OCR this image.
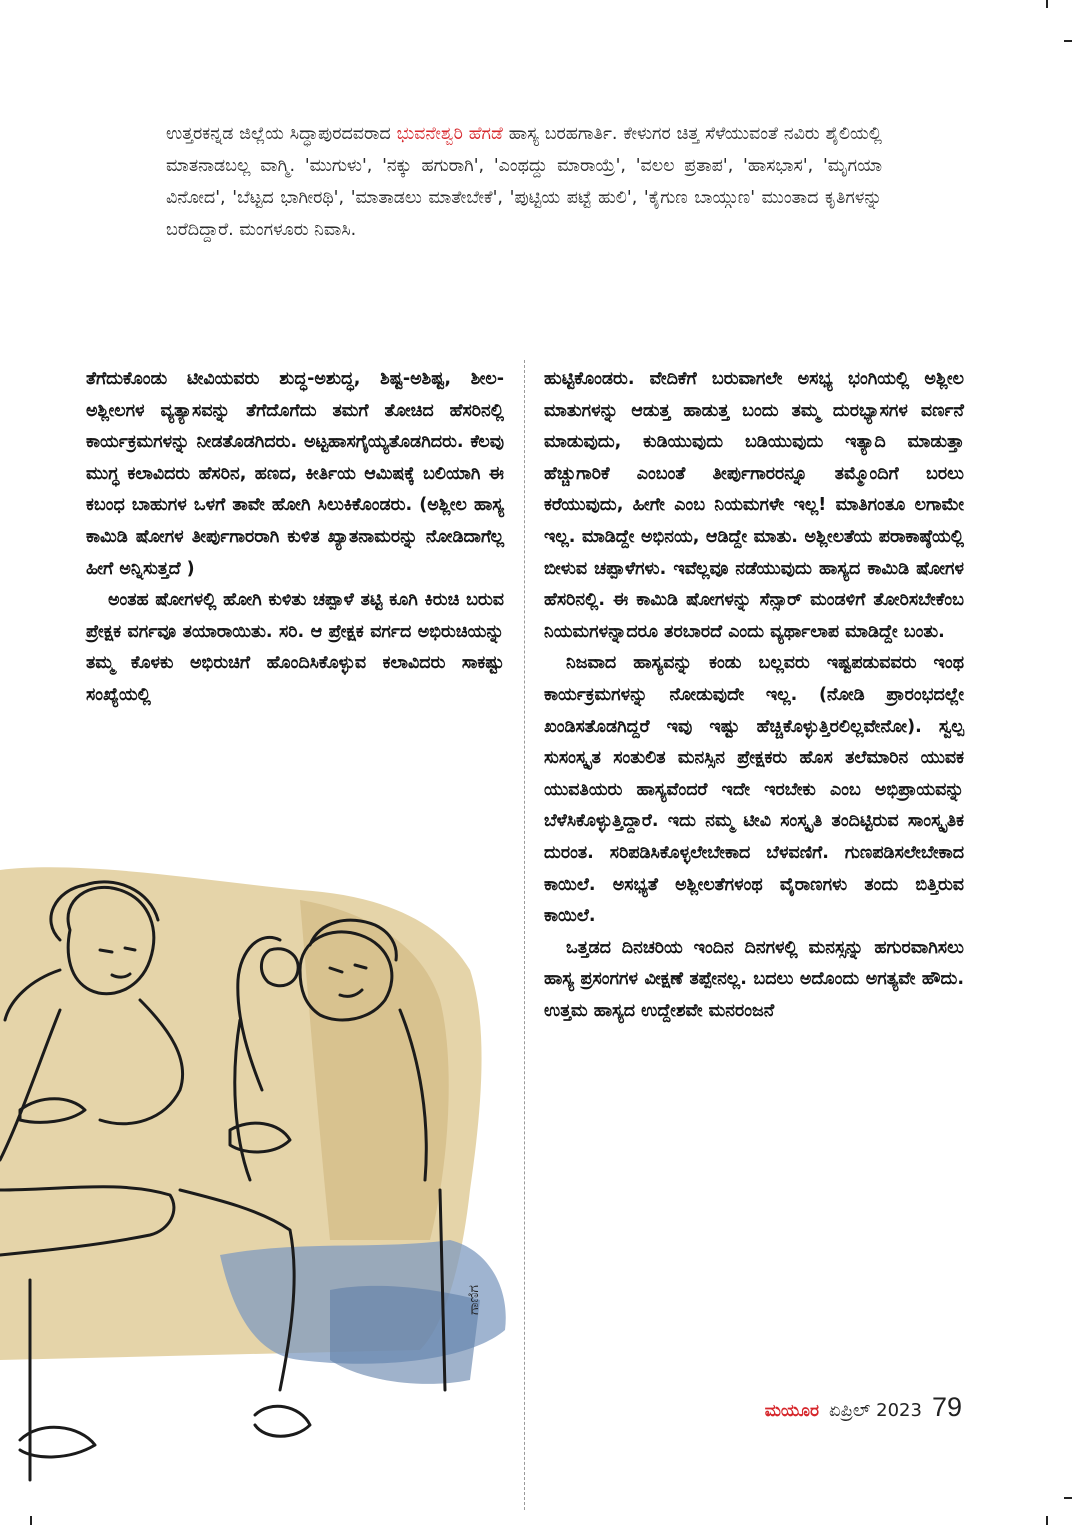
ಉತ್ತರಕನ್ನಡ ಜಿಲ್ಲೆಯ ಸಿದ್ಧಾಪುರದವರಾದ ಭುವನೇಶ್ವರಿ ಹೆಗಡೆ ಹಾಸ್ಯ ಬರಹಗಾರ್ತಿ. ಕೇಳುಗರ ಚಿತ್ತ ಸೆಳೆಯುವಂತೆ ನವಿರು ಶೈಲಿಯಲ್ಲಿ ಮಾತನಾಡಬಲ್ಲ ವಾಗ್ಮಿ. 'ಮುಗುಳು', 'ನಕ್ಕು ಹಗುರಾಗಿ', 'ಎಂಥದ್ದು ಮಾರಾಯ್ರೆ', 'ವಲಲ ಪ್ರತಾಪ', 'ಹಾಸಭಾಸ', 'ಮೃಗಯಾ ವಿನೋದ', 'ಬೆಟ್ಟದ ಭಾಗೀರಥಿ', 'ಮಾತಾಡಲು ಮಾತೇಬೇಕೆ', 'ಪುಟ್ಟಿಯ ಪಟ್ಟೆ ಹುಲಿ', 'ಕೈಗುಣ ಬಾಯ್ಗುಣ' ಮುಂತಾದ ಕೃತಿಗಳನ್ನು ಬರೆದಿದ್ದಾರೆ. ಮಂಗಳೂರು ನಿವಾಸಿ.
ಗಾಣಿಗ

ತೆಗೆದುಕೊಂಡು ಟೀವಿಯವರು ಶುದ್ಧ-ಅಶುದ್ಧ, ಶಿಷ್ಟ-ಅಶಿಷ್ಟ, ಶೀಲ-ಅಶ್ಲೀಲಗಳ ವ್ಯತ್ಯಾಸವನ್ನು ತೆಗೆದೊಗೆದು ತಮಗೆ ತೋಚಿದ ಹೆಸರಿನಲ್ಲಿ ಕಾರ್ಯಕ್ರಮಗಳನ್ನು ನೀಡತೊಡಗಿದರು. ಅಟ್ಟಹಾಸಗೈಯ್ಯತೊಡಗಿದರು. ಕೆಲವು ಮುಗ್ಧ ಕಲಾವಿದರು ಹೆಸರಿನ, ಹಣದ, ಕೀರ್ತಿಯ ಆಮಿಷಕ್ಕೆ ಬಲಿಯಾಗಿ ಈ ಕಬಂಧ ಬಾಹುಗಳ ಒಳಗೆ ತಾವೇ ಹೋಗಿ ಸಿಲುಕಿಕೊಂಡರು. (ಅಶ್ಲೀಲ ಹಾಸ್ಯ ಕಾಮಿಡಿ ಷೋಗಳ ತೀರ್ಪುಗಾರರಾಗಿ ಕುಳಿತ ಖ್ಯಾತನಾಮರನ್ನು ನೋಡಿದಾಗೆಲ್ಲ ಹೀಗೆ ಅನ್ನಿಸುತ್ತದೆ )

ಅಂತಹ ಷೋಗಳಲ್ಲಿ ಹೋಗಿ ಕುಳಿತು ಚಪ್ಪಾಳೆ ತಟ್ಟಿ ಕೂಗಿ ಕಿರುಚಿ ಬರುವ ಪ್ರೇಕ್ಷಕ ವರ್ಗವೂ ತಯಾರಾಯಿತು. ಸರಿ. ಆ ಪ್ರೇಕ್ಷಕ ವರ್ಗದ ಅಭಿರುಚಿಯನ್ನು ತಮ್ಮ ಕೊಳಕು ಅಭಿರುಚಿಗೆ ಹೊಂದಿಸಿಕೊಳ್ಳುವ ಕಲಾವಿದರು ಸಾಕಷ್ಟು ಸಂಖ್ಯೆಯಲ್ಲಿ

ಹುಟ್ಟಿಕೊಂಡರು. ವೇದಿಕೆಗೆ ಬರುವಾಗಲೇ ಅಸಭ್ಯ ಭಂಗಿಯಲ್ಲಿ ಅಶ್ಲೀಲ ಮಾತುಗಳನ್ನು ಆಡುತ್ತ ಹಾಡುತ್ತ ಬಂದು ತಮ್ಮ ದುರಭ್ಯಾಸಗಳ ವರ್ಣನೆ ಮಾಡುವುದು, ಕುಡಿಯುವುದು ಬಡಿಯುವುದು ಇತ್ಯಾದಿ ಮಾಡುತ್ತಾ ಹೆಚ್ಚುಗಾರಿಕೆ ಎಂಬಂತೆ ತೀರ್ಪುಗಾರರನ್ನೂ ತಮ್ಮೊಂದಿಗೆ ಬರಲು ಕರೆಯುವುದು, ಹೀಗೇ ಎಂಬ ನಿಯಮಗಳೇ ಇಲ್ಲ! ಮಾತಿಗಂತೂ ಲಗಾಮೇ ಇಲ್ಲ. ಮಾಡಿದ್ದೇ ಅಭಿನಯ, ಆಡಿದ್ದೇ ಮಾತು. ಅಶ್ಲೀಲತೆಯ ಪರಾಕಾಷ್ಠೆಯಲ್ಲಿ ಬೀಳುವ ಚಪ್ಪಾಳೆಗಳು. ಇವೆಲ್ಲವೂ ನಡೆಯುವುದು ಹಾಸ್ಯದ ಕಾಮಿಡಿ ಷೋಗಳ ಹೆಸರಿನಲ್ಲಿ. ಈ ಕಾಮಿಡಿ ಷೋಗಳನ್ನು ಸೆನ್ಸಾರ್ ಮಂಡಳಿಗೆ ತೋರಿಸಬೇಕೆಂಬ ನಿಯಮಗಳನ್ನಾದರೂ ತರಬಾರದೆ ಎಂದು ವ್ಯರ್ಥಾಲಾಪ ಮಾಡಿದ್ದೇ ಬಂತು.

ನಿಜವಾದ ಹಾಸ್ಯವನ್ನು ಕಂಡು ಬಲ್ಲವರು ಇಷ್ಟಪಡುವವರು ಇಂಥ ಕಾರ್ಯಕ್ರಮಗಳನ್ನು ನೋಡುವುದೇ ಇಲ್ಲ. (ನೋಡಿ ಪ್ರಾರಂಭದಲ್ಲೇ ಖಂಡಿಸತೊಡಗಿದ್ದರೆ ಇವು ಇಷ್ಟು ಹೆಚ್ಚಿಕೊಳ್ಳುತ್ತಿರಲಿಲ್ಲವೇನೋ). ಸ್ವಲ್ಪ ಸುಸಂಸ್ಕೃತ ಸಂತುಲಿತ ಮನಸ್ಸಿನ ಪ್ರೇಕ್ಷಕರು ಹೊಸ ತಲೆಮಾರಿನ ಯುವಕ ಯುವತಿಯರು ಹಾಸ್ಯವೆಂದರೆ ಇದೇ ಇರಬೇಕು ಎಂಬ ಅಭಿಪ್ರಾಯವನ್ನು ಬೆಳೆಸಿಕೊಳ್ಳುತ್ತಿದ್ದಾರೆ. ಇದು ನಮ್ಮ ಟೀವಿ ಸಂಸ್ಕೃತಿ ತಂದಿಟ್ಟಿರುವ ಸಾಂಸ್ಕೃತಿಕ ದುರಂತ. ಸರಿಪಡಿಸಿಕೊಳ್ಳಲೇಬೇಕಾದ ಬೆಳವಣಿಗೆ. ಗುಣಪಡಿಸಲೇಬೇಕಾದ ಕಾಯಿಲೆ. ಅಸಭ್ಯತೆ ಅಶ್ಲೀಲತೆಗಳಂಥ ವೈರಾಣಗಳು ತಂದು ಬಿತ್ತಿರುವ ಕಾಯಿಲೆ.

ಒತ್ತಡದ ದಿನಚರಿಯ ಇಂದಿನ ದಿನಗಳಲ್ಲಿ ಮನಸ್ಸನ್ನು ಹಗುರವಾಗಿಸಲು ಹಾಸ್ಯ ಪ್ರಸಂಗಗಳ ವೀಕ್ಷಣೆ ತಪ್ಪೇನಲ್ಲ. ಬದಲು ಅದೊಂದು ಅಗತ್ಯವೇ ಹೌದು. ಉತ್ತಮ ಹಾಸ್ಯದ ಉದ್ದೇಶವೇ ಮನರಂಜನೆ

ಮಯೂರ ಏಪ್ರಿಲ್ 2023 79
